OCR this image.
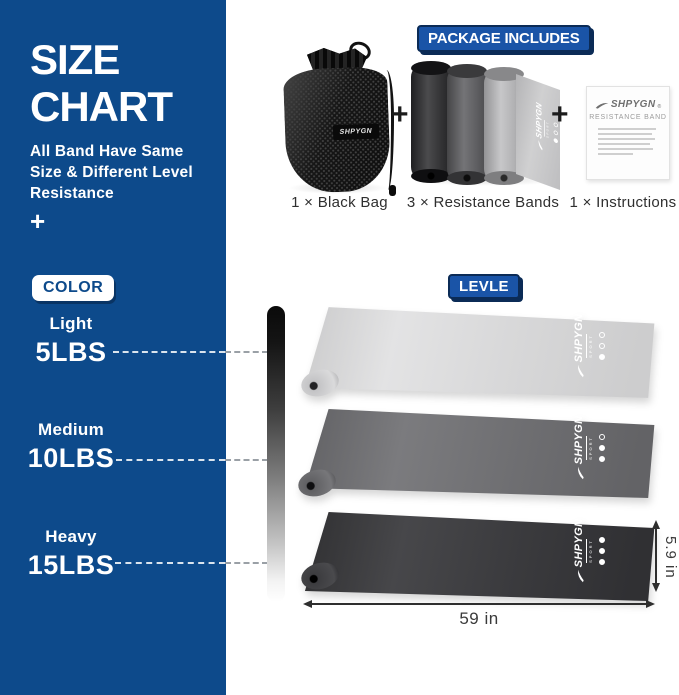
SIZE
CHART
All Band Have Same
Size & Different Level
Resistance
+
COLOR
Light
5LBS
Medium
10LBS
Heavy
15LBS
PACKAGE INCLUDES
SHPYGN
+	SHPYGN SPORT +	SHPYGN ®
RESISTANCE BAND
1 × Black Bag	3 × Resistance Bands 1 × Instructions
LEVLE
SHPYGN SPORT
SHPYGN SPORT
SHPYGN SPORT	5.9 in
59 in
